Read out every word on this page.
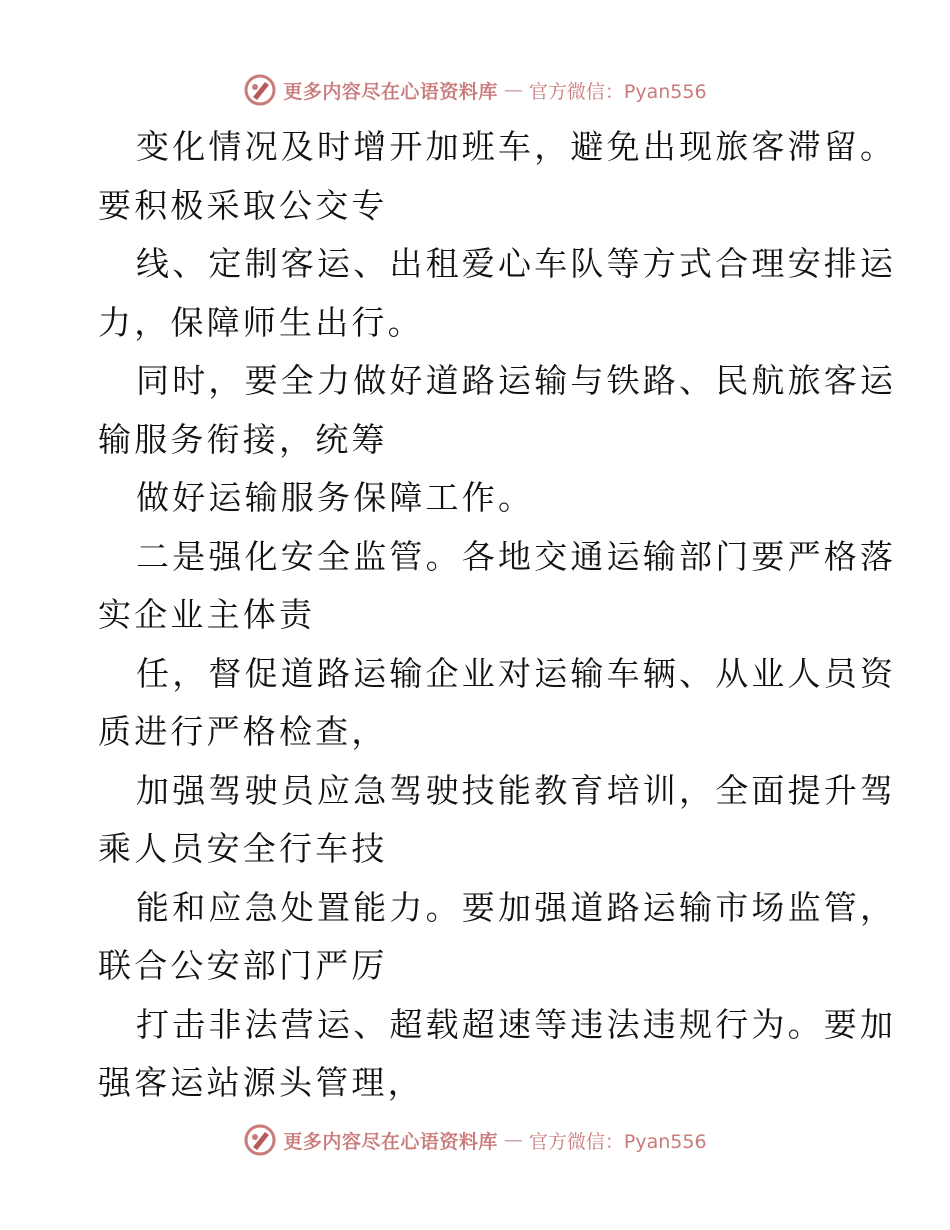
更多内容尽在心语资料库 — 官方微信：Pyan556
变化情况及时增开加班车，避免出现旅客滞留。
要积极采取公交专
线、定制客运、出租爱心车队等方式合理安排运
力，保障师生出行。
同时，要全力做好道路运输与铁路、民航旅客运
输服务衔接，统筹
做好运输服务保障工作。
二是强化安全监管。各地交通运输部门要严格落
实企业主体责
任，督促道路运输企业对运输车辆、从业人员资
质进行严格检查，
加强驾驶员应急驾驶技能教育培训，全面提升驾
乘人员安全行车技
能和应急处置能力。要加强道路运输市场监管，
联合公安部门严厉
打击非法营运、超载超速等违法违规行为。要加
强客运站源头管理，
更多内容尽在心语资料库 — 官方微信：Pyan556
